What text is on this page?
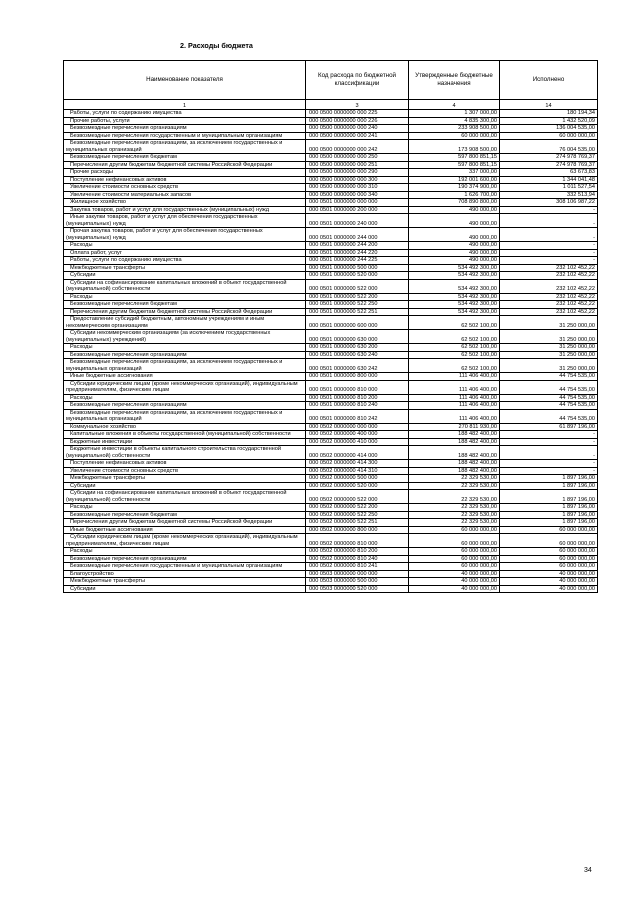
2. Расходы бюджета
Наименование показателя	Код расхода по бюджетной классификации	Утвержденные бюджетные назначения	Исполнено
1	3	4	14
Работы, услуги по содержанию имущества	000 0500 0000000 000 225	1 307 000,00	180 194,34
Прочие работы, услуги	000 0500 0000000 000 226	4 835 300,00	1 432 520,09
Безвозмездные перечисления организациям	000 0500 0000000 000 240	233 908 500,00	136 004 535,00
Безвозмездные перечисления государственным и муниципальным организациям	000 0500 0000000 000 241	60 000 000,00	60 000 000,00
Безвозмездные перечисления организациям, за исключением государственных и муниципальных организаций	000 0500 0000000 000 242	173 908 500,00	76 004 535,00
Безвозмездные перечисления бюджетам	000 0500 0000000 000 250	597 800 851,15	274 978 769,37
Перечисления другим бюджетам бюджетной системы Российской Федерации	000 0500 0000000 000 251	597 800 851,15	274 978 769,37
Прочие расходы	000 0500 0000000 000 290	337 000,00	63 673,83
Поступление нефинансовых активов	000 0500 0000000 000 300	192 001 600,00	1 344 041,48
Увеличение стоимости основных средств	000 0500 0000000 000 310	190 374 900,00	1 011 527,54
Увеличение стоимости материальных запасов	000 0500 0000000 000 340	1 626 700,00	332 513,94
Жилищное хозяйство	000 0501 0000000 000 000	708 890 800,00	308 106 987,22
Закупка товаров, работ и услуг для государственных (муниципальных) нужд	000 0501 0000000 200 000	490 000,00	-
Иные закупки товаров, работ и услуг для обеспечения государственных (муниципальных) нужд	000 0501 0000000 240 000	490 000,00	-
Прочая закупка товаров, работ и услуг для обеспечения государственных (муниципальных) нужд	000 0501 0000000 244 000	490 000,00	-
Расходы	000 0501 0000000 244 200	490 000,00	-
Оплата работ, услуг	000 0501 0000000 244 220	490 000,00	-
Работы, услуги по содержанию имущества	000 0501 0000000 244 225	490 000,00	-
Межбюджетные трансферты	000 0501 0000000 500 000	534 492 300,00	232 102 452,22
Субсидии	000 0501 0000000 520 000	534 492 300,00	232 102 452,22
Субсидии на софинансирование капитальных вложений в объект государственной (муниципальной) собственности	000 0501 0000000 522 000	534 492 300,00	232 102 452,22
Расходы	000 0501 0000000 522 200	534 492 300,00	232 102 452,22
Безвозмездные перечисления бюджетам	000 0501 0000000 522 250	534 492 300,00	232 102 452,22
Перечисления другим бюджетам бюджетной системы Российской Федерации	000 0501 0000000 522 251	534 492 300,00	232 102 452,22
Предоставление субсидий бюджетным, автономным учреждениям и иным некоммерческим организациям	000 0501 0000000 600 000	62 502 100,00	31 250 000,00
Субсидии некоммерческим организациям (за исключением государственных (муниципальных) учреждений)	000 0501 0000000 630 000	62 502 100,00	31 250 000,00
Расходы	000 0501 0000000 630 200	62 502 100,00	31 250 000,00
Безвозмездные перечисления организациям	000 0501 0000000 630 240	62 502 100,00	31 250 000,00
Безвозмездные перечисления организациям, за исключением государственных и муниципальных организаций	000 0501 0000000 630 242	62 502 100,00	31 250 000,00
Иные бюджетные ассигнования	000 0501 0000000 800 000	111 406 400,00	44 754 535,00
Субсидии юридическим лицам (кроме некоммерческих организаций), индивидуальным предпринимателям, физическим лицам	000 0501 0000000 810 000	111 406 400,00	44 754 535,00
Расходы	000 0501 0000000 810 200	111 406 400,00	44 754 535,00
Безвозмездные перечисления организациям	000 0501 0000000 810 240	111 406 400,00	44 754 535,00
Безвозмездные перечисления организациям, за исключением государственных и муниципальных организаций	000 0501 0000000 810 242	111 406 400,00	44 754 535,00
Коммунальное хозяйство	000 0502 0000000 000 000	270 811 930,00	61 897 196,00
Капитальные вложения в объекты государственной (муниципальной) собственности	000 0502 0000000 400 000	188 482 400,00	-
Бюджетные инвестиции	000 0502 0000000 410 000	188 482 400,00	-
Бюджетные инвестиции в объекты капитального строительства государственной (муниципальной) собственности	000 0502 0000000 414 000	188 482 400,00	-
Поступление нефинансовых активов	000 0502 0000000 414 300	188 482 400,00	-
Увеличение стоимости основных средств	000 0502 0000000 414 310	188 482 400,00	-
Межбюджетные трансферты	000 0502 0000000 500 000	22 329 530,00	1 897 196,00
Субсидии	000 0502 0000000 520 000	22 329 530,00	1 897 196,00
Субсидии на софинансирование капитальных вложений в объект государственной (муниципальной) собственности	000 0502 0000000 522 000	22 329 530,00	1 897 196,00
Расходы	000 0502 0000000 522 200	22 329 530,00	1 897 196,00
Безвозмездные перечисления бюджетам	000 0502 0000000 522 250	22 329 530,00	1 897 196,00
Перечисления другим бюджетам бюджетной системы Российской Федерации	000 0502 0000000 522 251	22 329 530,00	1 897 196,00
Иные бюджетные ассигнования	000 0502 0000000 800 000	60 000 000,00	60 000 000,00
Субсидии юридическим лицам (кроме некоммерческих организаций), индивидуальным предпринимателям, физическим лицам	000 0502 0000000 810 000	60 000 000,00	60 000 000,00
Расходы	000 0502 0000000 810 200	60 000 000,00	60 000 000,00
Безвозмездные перечисления организациям	000 0502 0000000 810 240	60 000 000,00	60 000 000,00
Безвозмездные перечисления государственным и муниципальным организациям	000 0502 0000000 810 241	60 000 000,00	60 000 000,00
Благоустройство	000 0503 0000000 000 000	40 000 000,00	40 000 000,00
Межбюджетные трансферты	000 0503 0000000 500 000	40 000 000,00	40 000 000,00
Субсидии	000 0503 0000000 520 000	40 000 000,00	40 000 000,00
34
